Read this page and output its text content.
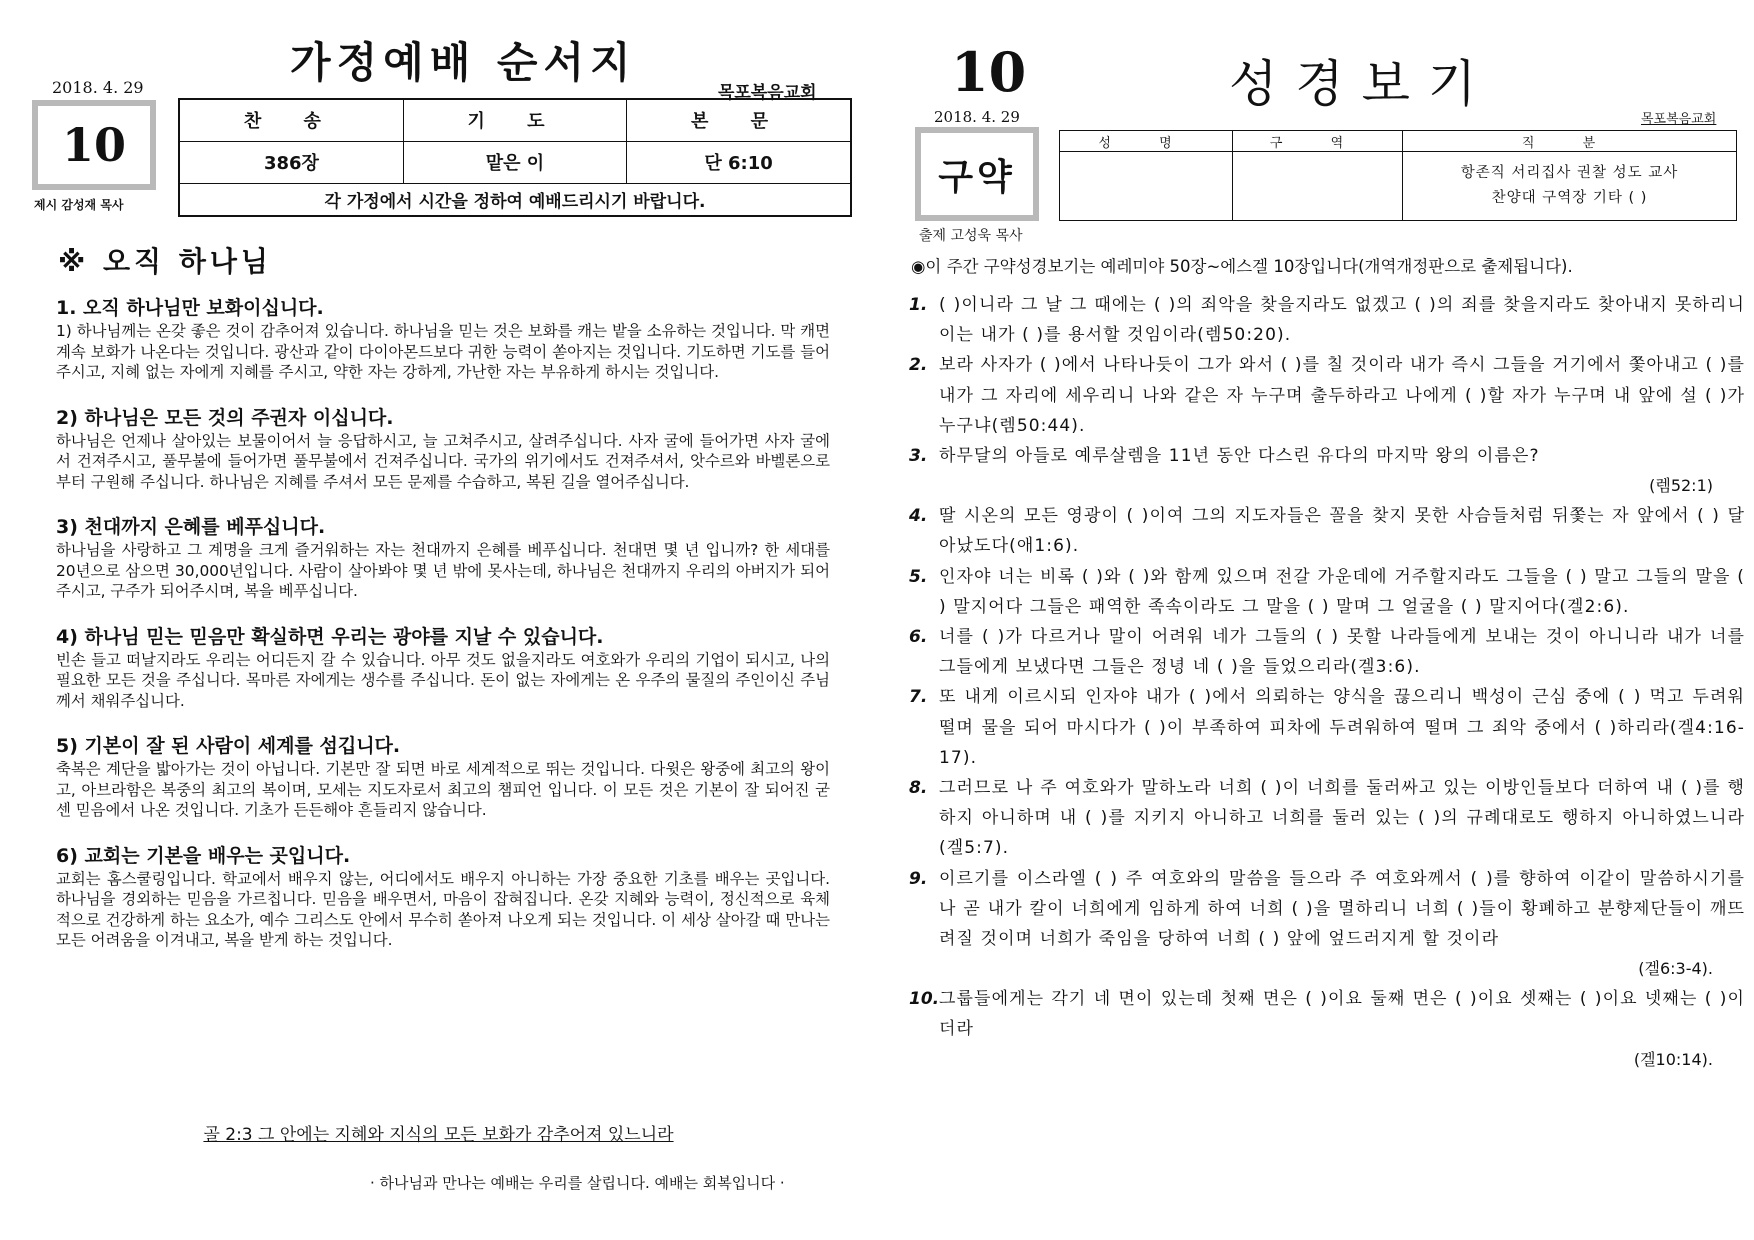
가정예배 순서지
2018. 4. 29	목포복음교회
10
제시 감성재 목사
찬 송	기 도	본 문
386장	맡은 이	단 6:10
각 가정에서 시간을 정하여 예배드리시기 바랍니다.		
※ 오직 하나님
1. 오직 하나님만 보화이십니다.
1) 하나님께는 온갖 좋은 것이 감추어져 있습니다. 하나님을 믿는 것은 보화를 캐는 밭을 소유하는 것입니다. 막 캐면 계속 보화가 나온다는 것입니다. 광산과 같이 다이아몬드보다 귀한 능력이 쏟아지는 것입니다. 기도하면 기도를 들어주시고, 지혜 없는 자에게 지혜를 주시고, 약한 자는 강하게, 가난한 자는 부유하게 하시는 것입니다.
2) 하나님은 모든 것의 주권자 이십니다.
하나님은 언제나 살아있는 보물이어서 늘 응답하시고, 늘 고쳐주시고, 살려주십니다. 사자 굴에 들어가면 사자 굴에서 건져주시고, 풀무불에 들어가면 풀무불에서 건져주십니다. 국가의 위기에서도 건져주셔서, 앗수르와 바벨론으로부터 구원해 주십니다. 하나님은 지혜를 주셔서 모든 문제를 수습하고, 복된 길을 열어주십니다.
3) 천대까지 은혜를 베푸십니다.
하나님을 사랑하고 그 계명을 크게 즐거워하는 자는 천대까지 은혜를 베푸십니다. 천대면 몇 년 입니까? 한 세대를 20년으로 삼으면 30,000년입니다. 사람이 살아봐야 몇 년 밖에 못사는데, 하나님은 천대까지 우리의 아버지가 되어주시고, 구주가 되어주시며, 복을 베푸십니다.
4) 하나님 믿는 믿음만 확실하면 우리는 광야를 지날 수 있습니다.
빈손 들고 떠날지라도 우리는 어디든지 갈 수 있습니다. 아무 것도 없을지라도 여호와가 우리의 기업이 되시고, 나의 필요한 모든 것을 주십니다. 목마른 자에게는 생수를 주십니다. 돈이 없는 자에게는 온 우주의 물질의 주인이신 주님께서 채워주십니다.
5) 기본이 잘 된 사람이 세계를 섬깁니다.
축복은 계단을 밟아가는 것이 아닙니다. 기본만 잘 되면 바로 세계적으로 뛰는 것입니다. 다윗은 왕중에 최고의 왕이고, 아브라함은 복중의 최고의 복이며, 모세는 지도자로서 최고의 챔피언 입니다. 이 모든 것은 기본이 잘 되어진 굳센 믿음에서 나온 것입니다. 기초가 든든해야 흔들리지 않습니다.
6) 교회는 기본을 배우는 곳입니다.
교회는 홈스쿨링입니다. 학교에서 배우지 않는, 어디에서도 배우지 아니하는 가장 중요한 기초를 배우는 곳입니다. 하나님을 경외하는 믿음을 가르칩니다. 믿음을 배우면서, 마음이 잡혀집니다. 온갖 지혜와 능력이, 정신적으로 육체적으로 건강하게 하는 요소가, 예수 그리스도 안에서 무수히 쏟아져 나오게 되는 것입니다. 이 세상 살아갈 때 만나는 모든 어려움을 이겨내고, 복을 받게 하는 것입니다.
골 2:3 그 안에는 지혜와 지식의 모든 보화가 감추어져 있느니라
· 하나님과 만나는 예배는 우리를 살립니다. 예배는 회복입니다 ·
10	성경보기
2018. 4. 29	목포복음교회
구약
출제 고성욱 목사
성 명	구 역	직 분

		항존직 서리집사 권찰 성도 교사
찬양대 구역장 기타 ( )
◉이 주간 구약성경보기는 예레미야 50장~에스겔 10장입니다(개역개정판으로 출제됩니다).
1. ( )이니라 그 날 그 때에는 ( )의 죄악을 찾을지라도 없겠고 ( )의 죄를 찾을지라도 찾아내지 못하리니 이는 내가 ( )를 용서할 것임이라(렘50:20).
2. 보라 사자가 ( )에서 나타나듯이 그가 와서 ( )를 칠 것이라 내가 즉시 그들을 거기에서 쫓아내고 ( )를 내가 그 자리에 세우리니 나와 같은 자 누구며 출두하라고 나에게 ( )할 자가 누구며 내 앞에 설 ( )가 누구냐(렘50:44).
3. 하무달의 아들로 예루살렘을 11년 동안 다스린 유다의 마지막 왕의 이름은?
(렘52:1)
4. 딸 시온의 모든 영광이 ( )이여 그의 지도자들은 꼴을 찾지 못한 사슴들처럼 뒤쫓는 자 앞에서 ( ) 달아났도다(애1:6).
5. 인자야 너는 비록 ( )와 ( )와 함께 있으며 전갈 가운데에 거주할지라도 그들을 ( ) 말고 그들의 말을 ( ) 말지어다 그들은 패역한 족속이라도 그 말을 ( ) 말며 그 얼굴을 ( ) 말지어다(겔2:6).
6. 너를 ( )가 다르거나 말이 어려워 네가 그들의 ( ) 못할 나라들에게 보내는 것이 아니니라 내가 너를 그들에게 보냈다면 그들은 정녕 네 ( )을 들었으리라(겔3:6).
7. 또 내게 이르시되 인자야 내가 ( )에서 의뢰하는 양식을 끊으리니 백성이 근심 중에 ( ) 먹고 두려워 떨며 물을 되어 마시다가 ( )이 부족하여 피차에 두려워하여 떨며 그 죄악 중에서 ( )하리라(겔4:16-17).
8. 그러므로 나 주 여호와가 말하노라 너희 ( )이 너희를 둘러싸고 있는 이방인들보다 더하여 내 ( )를 행하지 아니하며 내 ( )를 지키지 아니하고 너희를 둘러 있는 ( )의 규례대로도 행하지 아니하였느니라(겔5:7).
9. 이르기를 이스라엘 ( ) 주 여호와의 말씀을 들으라 주 여호와께서 ( )를 향하여 이같이 말씀하시기를 나 곧 내가 칼이 너희에게 임하게 하여 너희 ( )을 멸하리니 너희 ( )들이 황폐하고 분향제단들이 깨뜨려질 것이며 너희가 죽임을 당하여 너희 ( ) 앞에 엎드러지게 할 것이라
(겔6:3-4).
10. 그룹들에게는 각기 네 면이 있는데 첫째 면은 ( )이요 둘째 면은 ( )이요 셋째는 ( )이요 넷째는 ( )이더라
(겔10:14).
